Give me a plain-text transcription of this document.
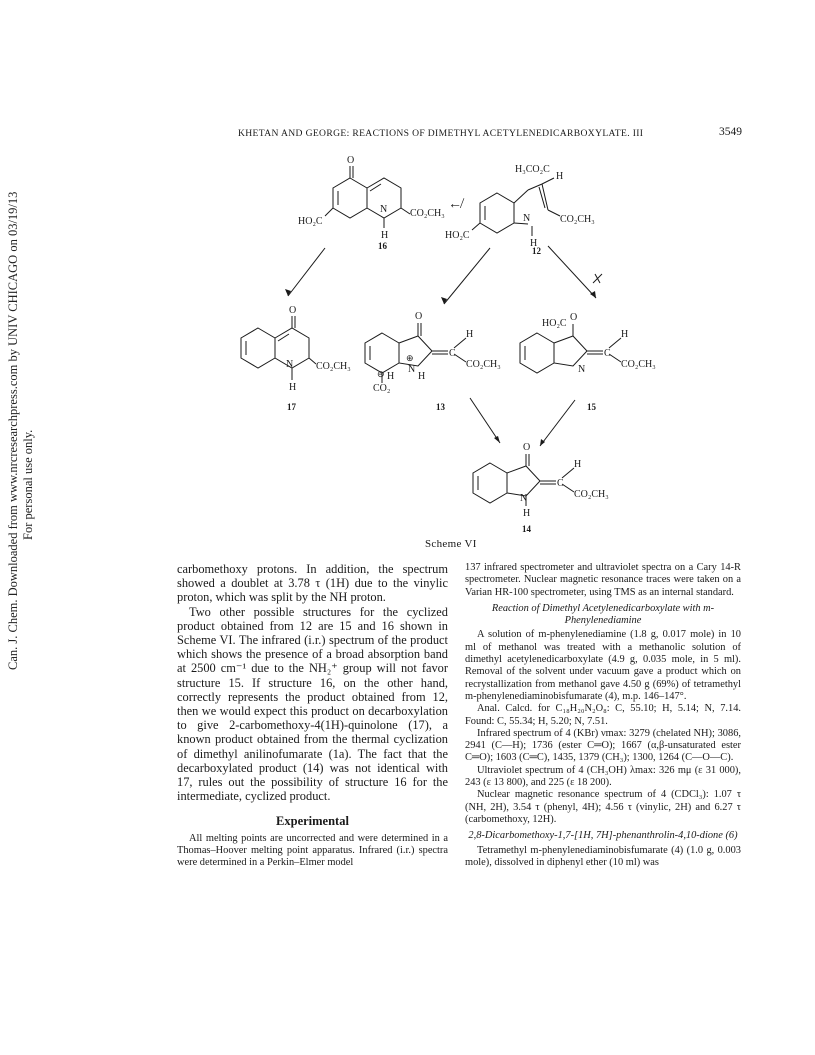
Can. J. Chem. Downloaded from www.nrcresearchpress.com by UNIV CHICAGO on 03/19/13 For personal use only.
KHETAN AND GEORGE: REACTIONS OF DIMETHYL ACETYLENEDICARBOXYLATE. III	3549
O
N CO₂CH₃
H
HO₂C
16
↚
H₃CO₂C
H
N	CO₂CH₃
H
HO₂C
12
O
N CO₂CH₃
H
17
O
N
⊕	C
H
CO₂CH₃
H H
⊖
CO₂
13
HO₂C
O
N
C
H
CO₂CH₃
15
O
N
C
H
CO₂CH₃
H
14
Scheme VI

carbomethoxy protons. In addition, the spectrum showed a doublet at 3.78 τ (1H) due to the vinylic proton, which was split by the NH proton.

Two other possible structures for the cyclized product obtained from 12 are 15 and 16 shown in Scheme VI. The infrared (i.r.) spectrum of the product which shows the presence of a broad absorption band at 2500 cm⁻¹ due to the NH₂⁺ group will not favor structure 15. If structure 16, on the other hand, correctly represents the product obtained from 12, then we would expect this product on decarboxylation to give 2-carbomethoxy-4(1H)-quinolone (17), a known product obtained from the thermal cyclization of dimethyl anilinofumarate (1a). The fact that the decarboxylated product (14) was not identical with 17, rules out the possibility of structure 16 for the intermediate, cyclized product.

Experimental

All melting points are uncorrected and were determined in a Thomas–Hoover melting point apparatus. Infrared (i.r.) spectra were determined in a Perkin–Elmer model

137 infrared spectrometer and ultraviolet spectra on a Cary 14-R spectrometer. Nuclear magnetic resonance traces were taken on a Varian HR-100 spectrometer, using TMS as an internal standard.

Reaction of Dimethyl Acetylenedicarboxylate with m-Phenylenediamine

A solution of m-phenylenediamine (1.8 g, 0.017 mole) in 10 ml of methanol was treated with a methanolic solution of dimethyl acetylenedicarboxylate (4.9 g, 0.035 mole, in 5 ml). Removal of the solvent under vacuum gave a product which on recrystallization from methanol gave 4.50 g (69%) of tetramethyl m-phenylenediaminobisfumarate (4), m.p. 146–147°.

Anal. Calcd. for C₁₈H₂₀N₂O₈: C, 55.10; H, 5.14; N, 7.14. Found: C, 55.34; H, 5.20; N, 7.51.

Infrared spectrum of 4 (KBr) νmax: 3279 (chelated NH); 3086, 2941 (C—H); 1736 (ester C═O); 1667 (α,β-unsaturated ester C═O); 1603 (C═C), 1435, 1379 (CH₃); 1300, 1264 (C—O—C).

Ultraviolet spectrum of 4 (CH₃OH) λmax: 326 mμ (ε 31 000), 243 (ε 13 800), and 225 (ε 18 200).

Nuclear magnetic resonance spectrum of 4 (CDCl₃): 1.07 τ (NH, 2H), 3.54 τ (phenyl, 4H); 4.56 τ (vinylic, 2H) and 6.27 τ (carbomethoxy, 12H).

2,8-Dicarbomethoxy-1,7-[1H, 7H]-phenanthrolin-4,10-dione (6)

Tetramethyl m-phenylenediaminobisfumarate (4) (1.0 g, 0.003 mole), dissolved in diphenyl ether (10 ml) was
